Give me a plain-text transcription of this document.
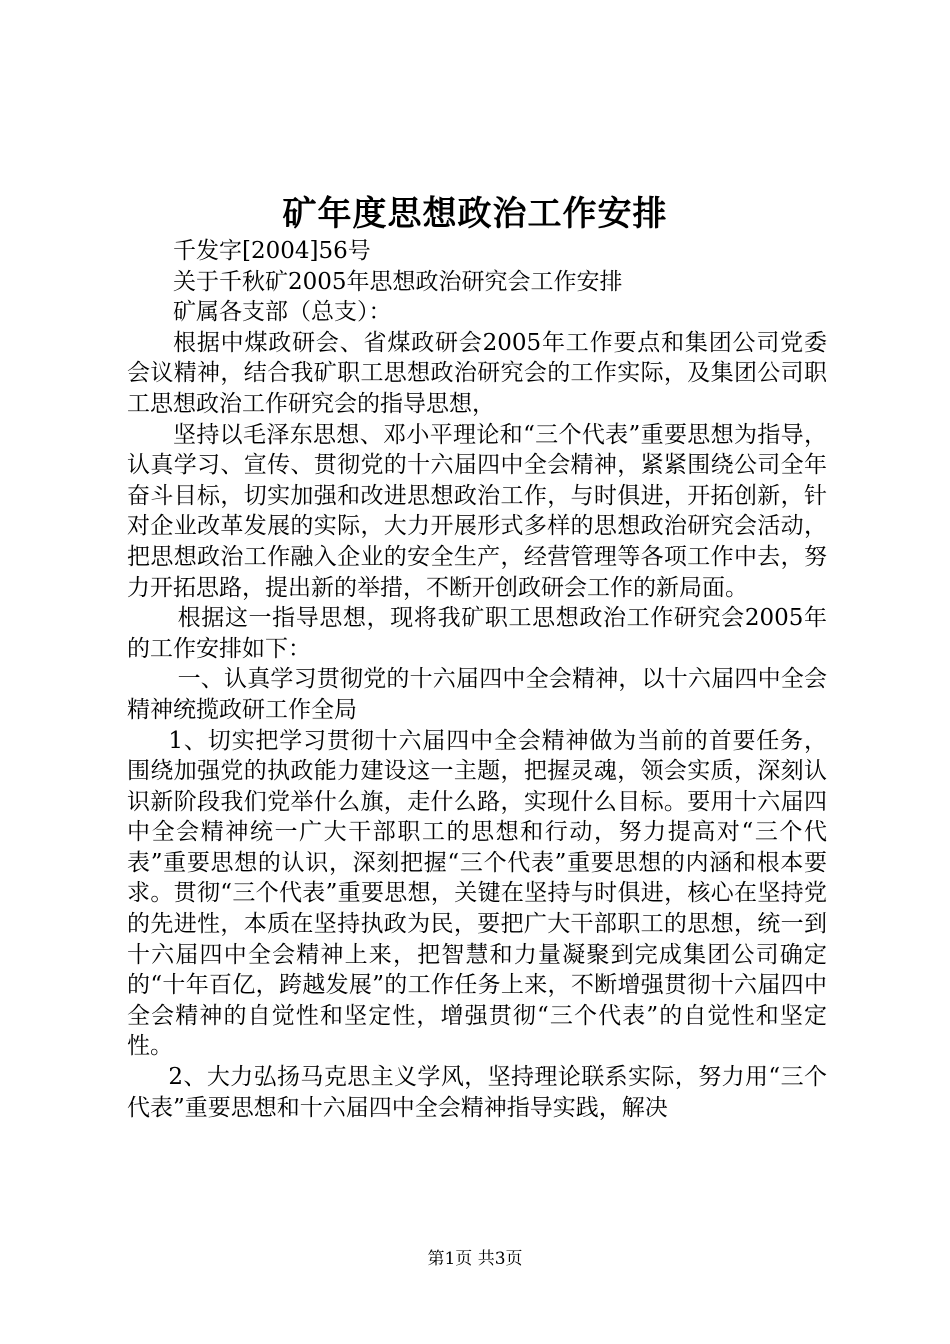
矿年度思想政治工作安排

千发字[2004]56号

关于千秋矿2005年思想政治研究会工作安排

矿属各支部（总支）：

根据中煤政研会、省煤政研会2005年工作要点和集团公司党委会议精神，结合我矿职工思想政治研究会的工作实际，及集团公司职工思想政治工作研究会的指导思想，

坚持以毛泽东思想、邓小平理论和“三个代表”重要思想为指导，认真学习、宣传、贯彻党的十六届四中全会精神，紧紧围绕公司全年奋斗目标，切实加强和改进思想政治工作，与时俱进，开拓创新，针对企业改革发展的实际，大力开展形式多样的思想政治研究会活动，把思想政治工作融入企业的安全生产，经营管理等各项工作中去，努力开拓思路，提出新的举措，不断开创政研会工作的新局面。

根据这一指导思想，现将我矿职工思想政治工作研究会2005年的工作安排如下：

一、认真学习贯彻党的十六届四中全会精神，以十六届四中全会精神统揽政研工作全局

1、切实把学习贯彻十六届四中全会精神做为当前的首要任务，围绕加强党的执政能力建设这一主题，把握灵魂，领会实质，深刻认识新阶段我们党举什么旗，走什么路，实现什么目标。要用十六届四中全会精神统一广大干部职工的思想和行动，努力提高对“三个代表”重要思想的认识，深刻把握“三个代表”重要思想的内涵和根本要求。贯彻“三个代表”重要思想，关键在坚持与时俱进，核心在坚持党的先进性，本质在坚持执政为民，要把广大干部职工的思想，统一到十六届四中全会精神上来，把智慧和力量凝聚到完成集团公司确定的“十年百亿，跨越发展”的工作任务上来，不断增强贯彻十六届四中全会精神的自觉性和坚定性，增强贯彻“三个代表”的自觉性和坚定性。

2、大力弘扬马克思主义学风，坚持理论联系实际，努力用“三个代表”重要思想和十六届四中全会精神指导实践，解决

第1页 共3页
